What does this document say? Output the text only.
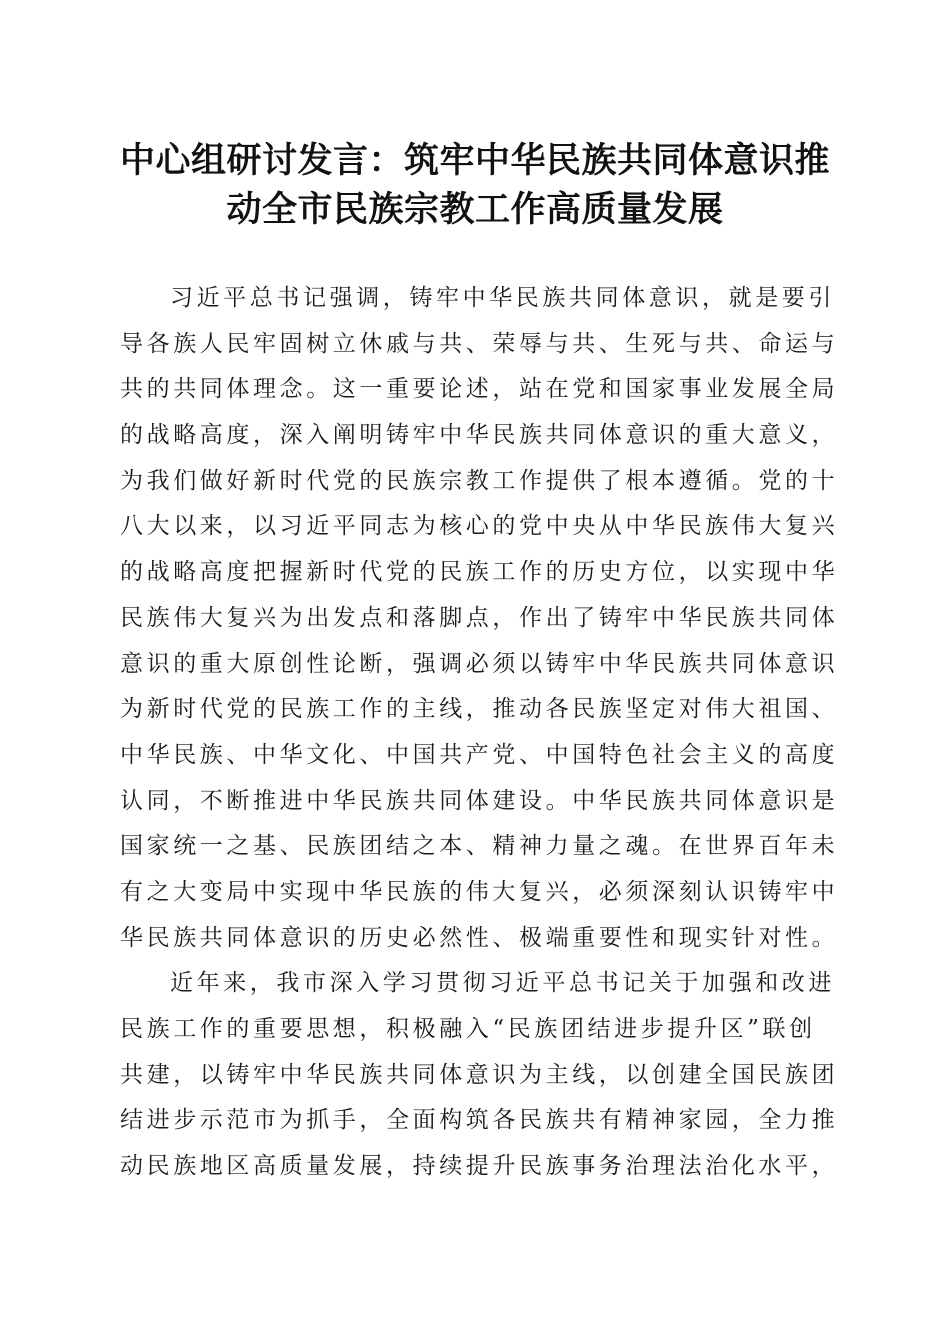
中心组研讨发言：筑牢中华民族共同体意识推
动全市民族宗教工作高质量发展
习近平总书记强调，铸牢中华民族共同体意识，就是要引
导各族人民牢固树立休戚与共、荣辱与共、生死与共、命运与
共的共同体理念。这一重要论述，站在党和国家事业发展全局
的战略高度，深入阐明铸牢中华民族共同体意识的重大意义，
为我们做好新时代党的民族宗教工作提供了根本遵循。党的十
八大以来，以习近平同志为核心的党中央从中华民族伟大复兴
的战略高度把握新时代党的民族工作的历史方位，以实现中华
民族伟大复兴为出发点和落脚点，作出了铸牢中华民族共同体
意识的重大原创性论断，强调必须以铸牢中华民族共同体意识
为新时代党的民族工作的主线，推动各民族坚定对伟大祖国、
中华民族、中华文化、中国共产党、中国特色社会主义的高度
认同，不断推进中华民族共同体建设。中华民族共同体意识是
国家统一之基、民族团结之本、精神力量之魂。在世界百年未
有之大变局中实现中华民族的伟大复兴，必须深刻认识铸牢中
华民族共同体意识的历史必然性、极端重要性和现实针对性。
近年来，我市深入学习贯彻习近平总书记关于加强和改进
民族工作的重要思想，积极融入“民族团结进步提升区”联创
共建，以铸牢中华民族共同体意识为主线，以创建全国民族团
结进步示范市为抓手，全面构筑各民族共有精神家园，全力推
动民族地区高质量发展，持续提升民族事务治理法治化水平，
